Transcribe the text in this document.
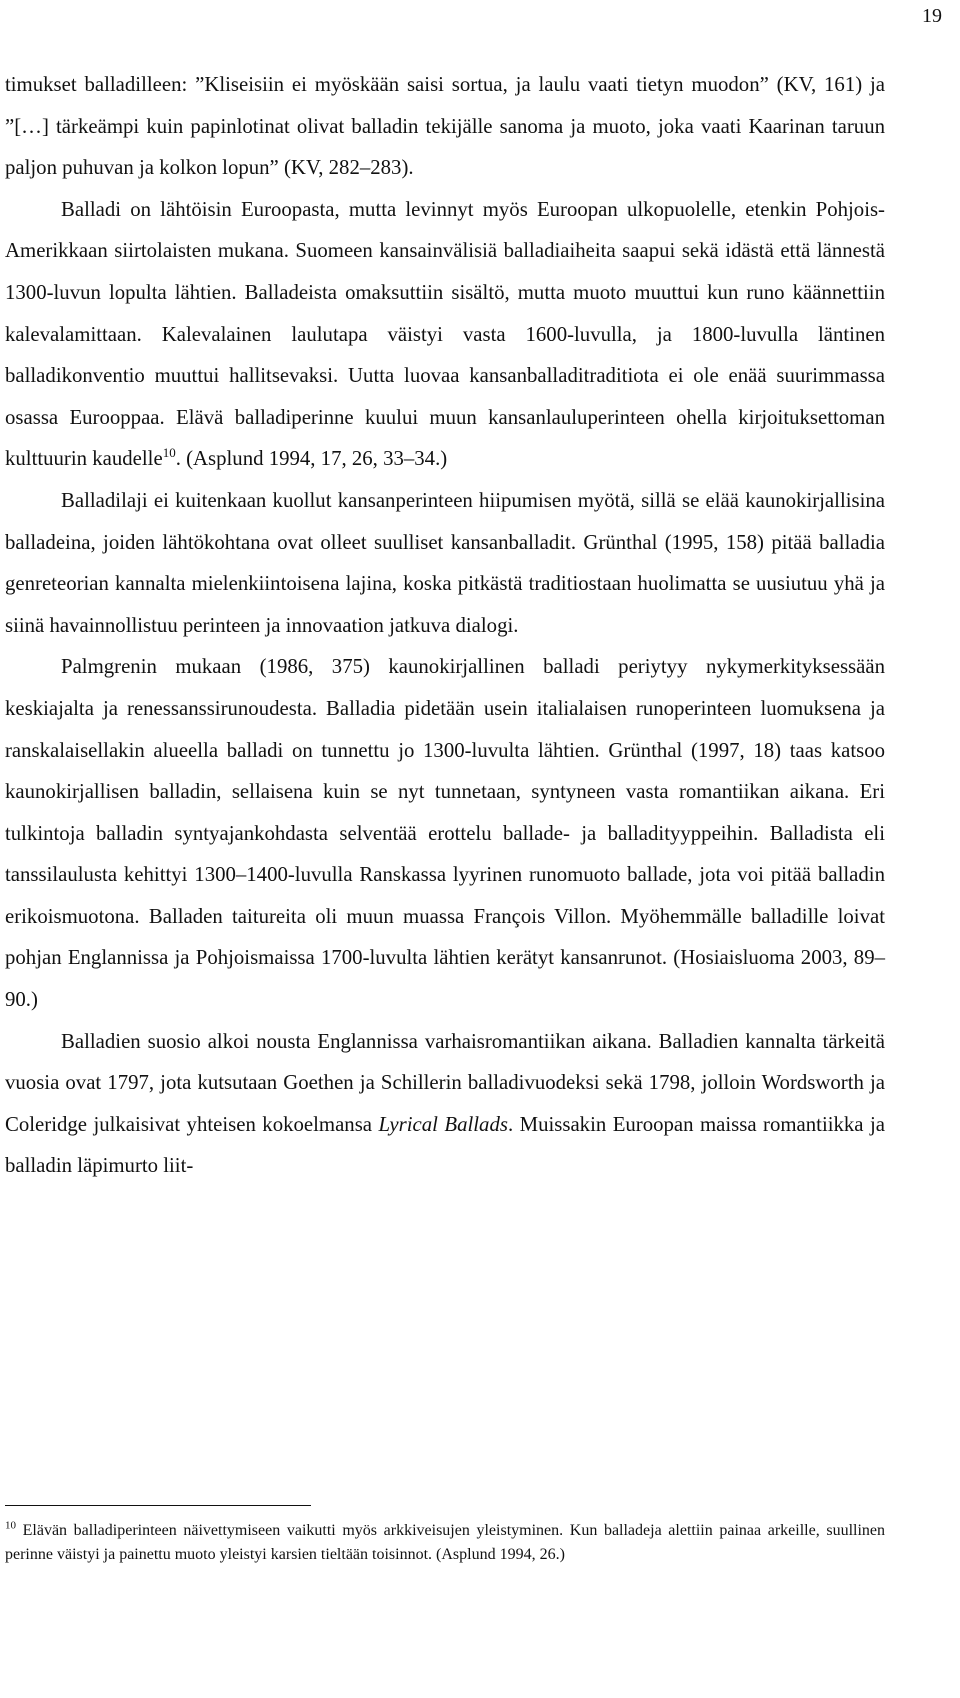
19

timukset balladilleen: ”Kliseisiin ei myöskään saisi sortua, ja laulu vaati tietyn muodon” (KV, 161) ja ”[…] tärkeämpi kuin papinlotinat olivat balladin tekijälle sanoma ja muoto, joka vaati Kaarinan taruun paljon puhuvan ja kolkon lopun” (KV, 282–283).

Balladi on lähtöisin Euroopasta, mutta levinnyt myös Euroopan ulkopuolelle, etenkin Pohjois-Amerikkaan siirtolaisten mukana. Suomeen kansainvälisiä balladiaiheita saapui sekä idästä että lännestä 1300-luvun lopulta lähtien. Balladeista omaksuttiin sisältö, mutta muoto muuttui kun runo käännettiin kalevalamittaan. Kalevalainen laulutapa väistyi vasta 1600-luvulla, ja 1800-luvulla läntinen balladikonventio muuttui hallitsevaksi. Uutta luovaa kansanballaditraditiota ei ole enää suurimmassa osassa Eurooppaa. Elävä balladiperinne kuului muun kansanlauluperinteen ohella kirjoituksettoman kulttuurin kaudelle$^{10}$. (Asplund 1994, 17, 26, 33–34.)

Balladilaji ei kuitenkaan kuollut kansanperinteen hiipumisen myötä, sillä se elää kaunokirjallisina balladeina, joiden lähtökohtana ovat olleet suulliset kansanballadit. Grünthal (1995, 158) pitää balladia genreteorian kannalta mielenkiintoisena lajina, koska pitkästä traditiostaan huolimatta se uusiutuu yhä ja siinä havainnollistuu perinteen ja innovaation jatkuva dialogi.

Palmgrenin mukaan (1986, 375) kaunokirjallinen balladi periytyy nykymerkityksessään keskiajalta ja renessanssirunoudesta. Balladia pidetään usein italialaisen runoperinteen luomuksena ja ranskalaisellakin alueella balladi on tunnettu jo 1300-luvulta lähtien. Grünthal (1997, 18) taas katsoo kaunokirjallisen balladin, sellaisena kuin se nyt tunnetaan, syntyneen vasta romantiikan aikana. Eri tulkintoja balladin syntyajankohdasta selventää erottelu ballade- ja balladityyppeihin. Balladista eli tanssilaulusta kehittyi 1300–1400-luvulla Ranskassa lyyrinen runomuoto ballade, jota voi pitää balladin erikoismuotona. Balladen taitureita oli muun muassa François Villon. Myöhemmälle balladille loivat pohjan Englannissa ja Pohjoismaissa 1700-luvulta lähtien kerätyt kansanrunot. (Hosiaisluoma 2003, 89–90.)

Balladien suosio alkoi nousta Englannissa varhaisromantiikan aikana. Balladien kannalta tärkeitä vuosia ovat 1797, jota kutsutaan Goethen ja Schillerin balladivuodeksi sekä 1798, jolloin Wordsworth ja Coleridge julkaisivat yhteisen kokoelmansa Lyrical Ballads. Muissakin Euroopan maissa romantiikka ja balladin läpimurto liit-

$^{10}$ Elävän balladiperinteen näivettymiseen vaikutti myös arkkiveisujen yleistyminen. Kun balladeja alettiin painaa arkeille, suullinen perinne väistyi ja painettu muoto yleistyi karsien tieltään toisinnot. (Asplund 1994, 26.)
